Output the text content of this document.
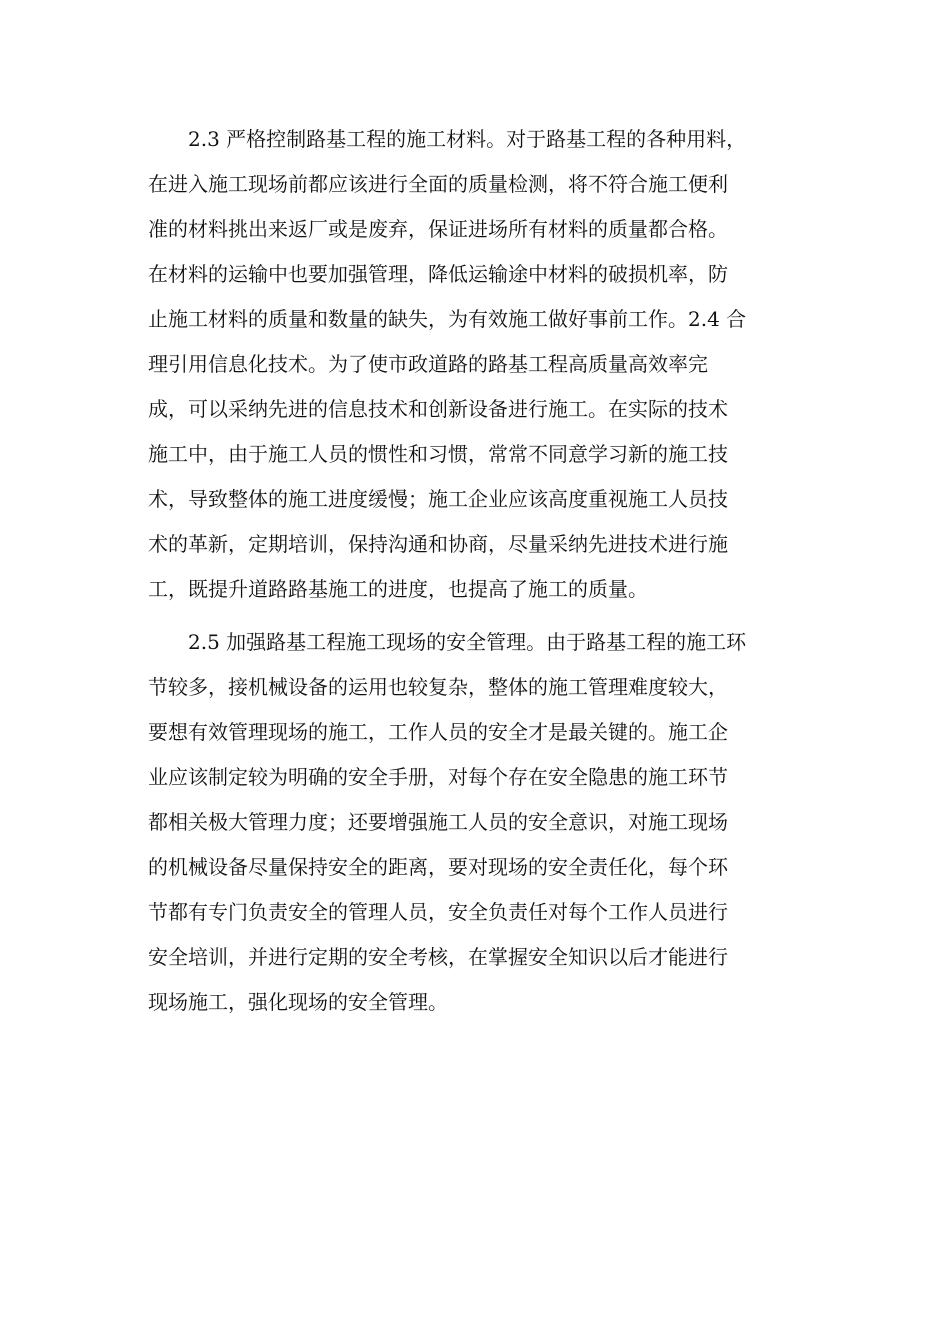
2.3 严格控制路基工程的施工材料。对于路基工程的各种用料，
在进入施工现场前都应该进行全面的质量检测，将不符合施工便利
准的材料挑出来返厂或是废弃，保证进场所有材料的质量都合格。
在材料的运输中也要加强管理，降低运输途中材料的破损机率，防
止施工材料的质量和数量的缺失，为有效施工做好事前工作。2.4 合
理引用信息化技术。为了使市政道路的路基工程高质量高效率完
成，可以采纳先进的信息技术和创新设备进行施工。在实际的技术
施工中，由于施工人员的惯性和习惯，常常不同意学习新的施工技
术，导致整体的施工进度缓慢；施工企业应该高度重视施工人员技
术的革新，定期培训，保持沟通和协商，尽量采纳先进技术进行施
工，既提升道路路基施工的进度，也提高了施工的质量。
2.5 加强路基工程施工现场的安全管理。由于路基工程的施工环
节较多，接机械设备的运用也较复杂，整体的施工管理难度较大，
要想有效管理现场的施工，工作人员的安全才是最关键的。施工企
业应该制定较为明确的安全手册，对每个存在安全隐患的施工环节
都相关极大管理力度；还要增强施工人员的安全意识，对施工现场
的机械设备尽量保持安全的距离，要对现场的安全责任化，每个环
节都有专门负责安全的管理人员，安全负责任对每个工作人员进行
安全培训，并进行定期的安全考核，在掌握安全知识以后才能进行
现场施工，强化现场的安全管理。
